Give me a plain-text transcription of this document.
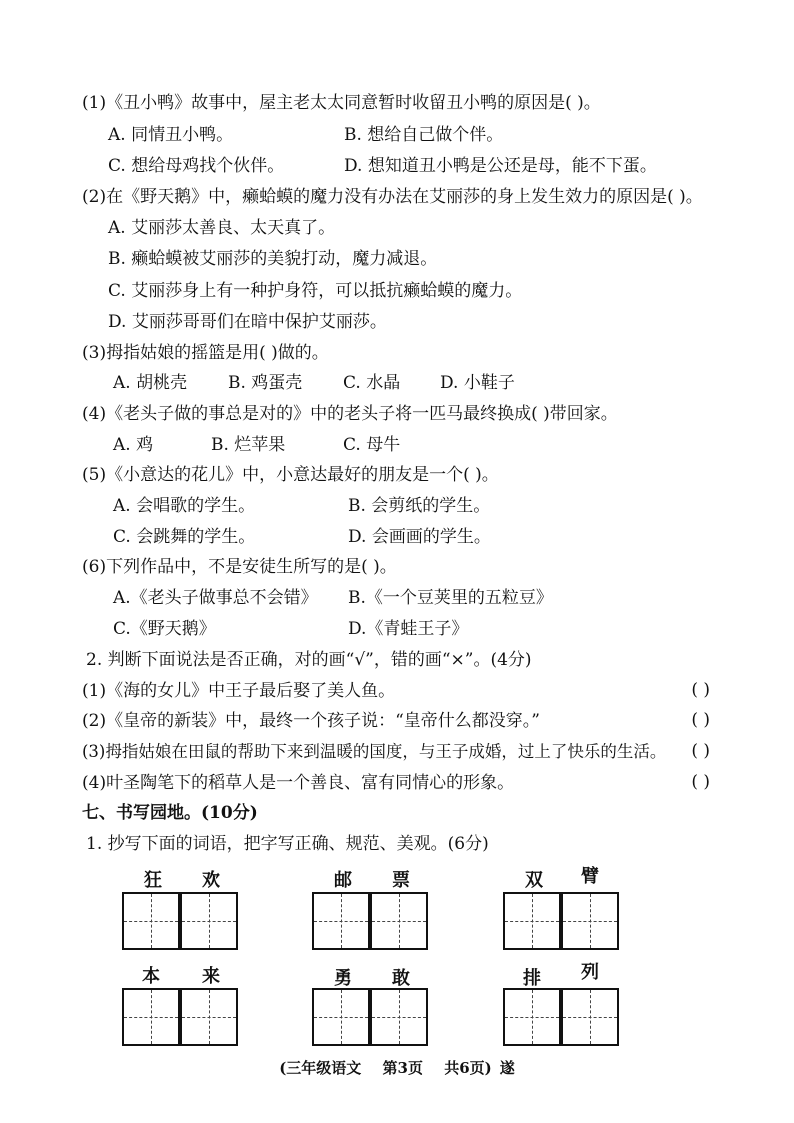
(1)《丑小鸭》故事中，屋主老太太同意暂时收留丑小鸭的原因是( )。
A. 同情丑小鸭。	B. 想给自己做个伴。
C. 想给母鸡找个伙伴。	D. 想知道丑小鸭是公还是母，能不下蛋。
(2)在《野天鹅》中，癞蛤蟆的魔力没有办法在艾丽莎的身上发生效力的原因是( )。
A. 艾丽莎太善良、太天真了。
B. 癞蛤蟆被艾丽莎的美貌打动，魔力减退。
C. 艾丽莎身上有一种护身符，可以抵抗癞蛤蟆的魔力。
D. 艾丽莎哥哥们在暗中保护艾丽莎。
(3)拇指姑娘的摇篮是用( )做的。
A. 胡桃壳 B. 鸡蛋壳 C. 水晶 D. 小鞋子
(4)《老头子做的事总是对的》中的老头子将一匹马最终换成( )带回家。
A. 鸡	B. 烂苹果	C. 母牛
(5)《小意达的花儿》中，小意达最好的朋友是一个( )。
A. 会唱歌的学生。	B. 会剪纸的学生。
C. 会跳舞的学生。	D. 会画画的学生。
(6)下列作品中，不是安徒生所写的是( )。
A.《老头子做事总不会错》 B.《一个豆荚里的五粒豆》
C.《野天鹅》	D.《青蛙王子》
2. 判断下面说法是否正确，对的画“√”，错的画“×”。(4分)
(1)《海的女儿》中王子最后娶了美人鱼。	( )
(2)《皇帝的新装》中，最终一个孩子说：“皇帝什么都没穿。”	( )
(3)拇指姑娘在田鼠的帮助下来到温暖的国度，与王子成婚，过上了快乐的生活。 ( )
(4)叶圣陶笔下的稻草人是一个善良、富有同情心的形象。	( )
七、书写园地。(10分)
1. 抄写下面的词语，把字写正确、规范、美观。(6分)
狂 欢	邮 票	双 臂
本 来	勇 敢	排 列
(三年级语文 第3页 共6页) 遂
